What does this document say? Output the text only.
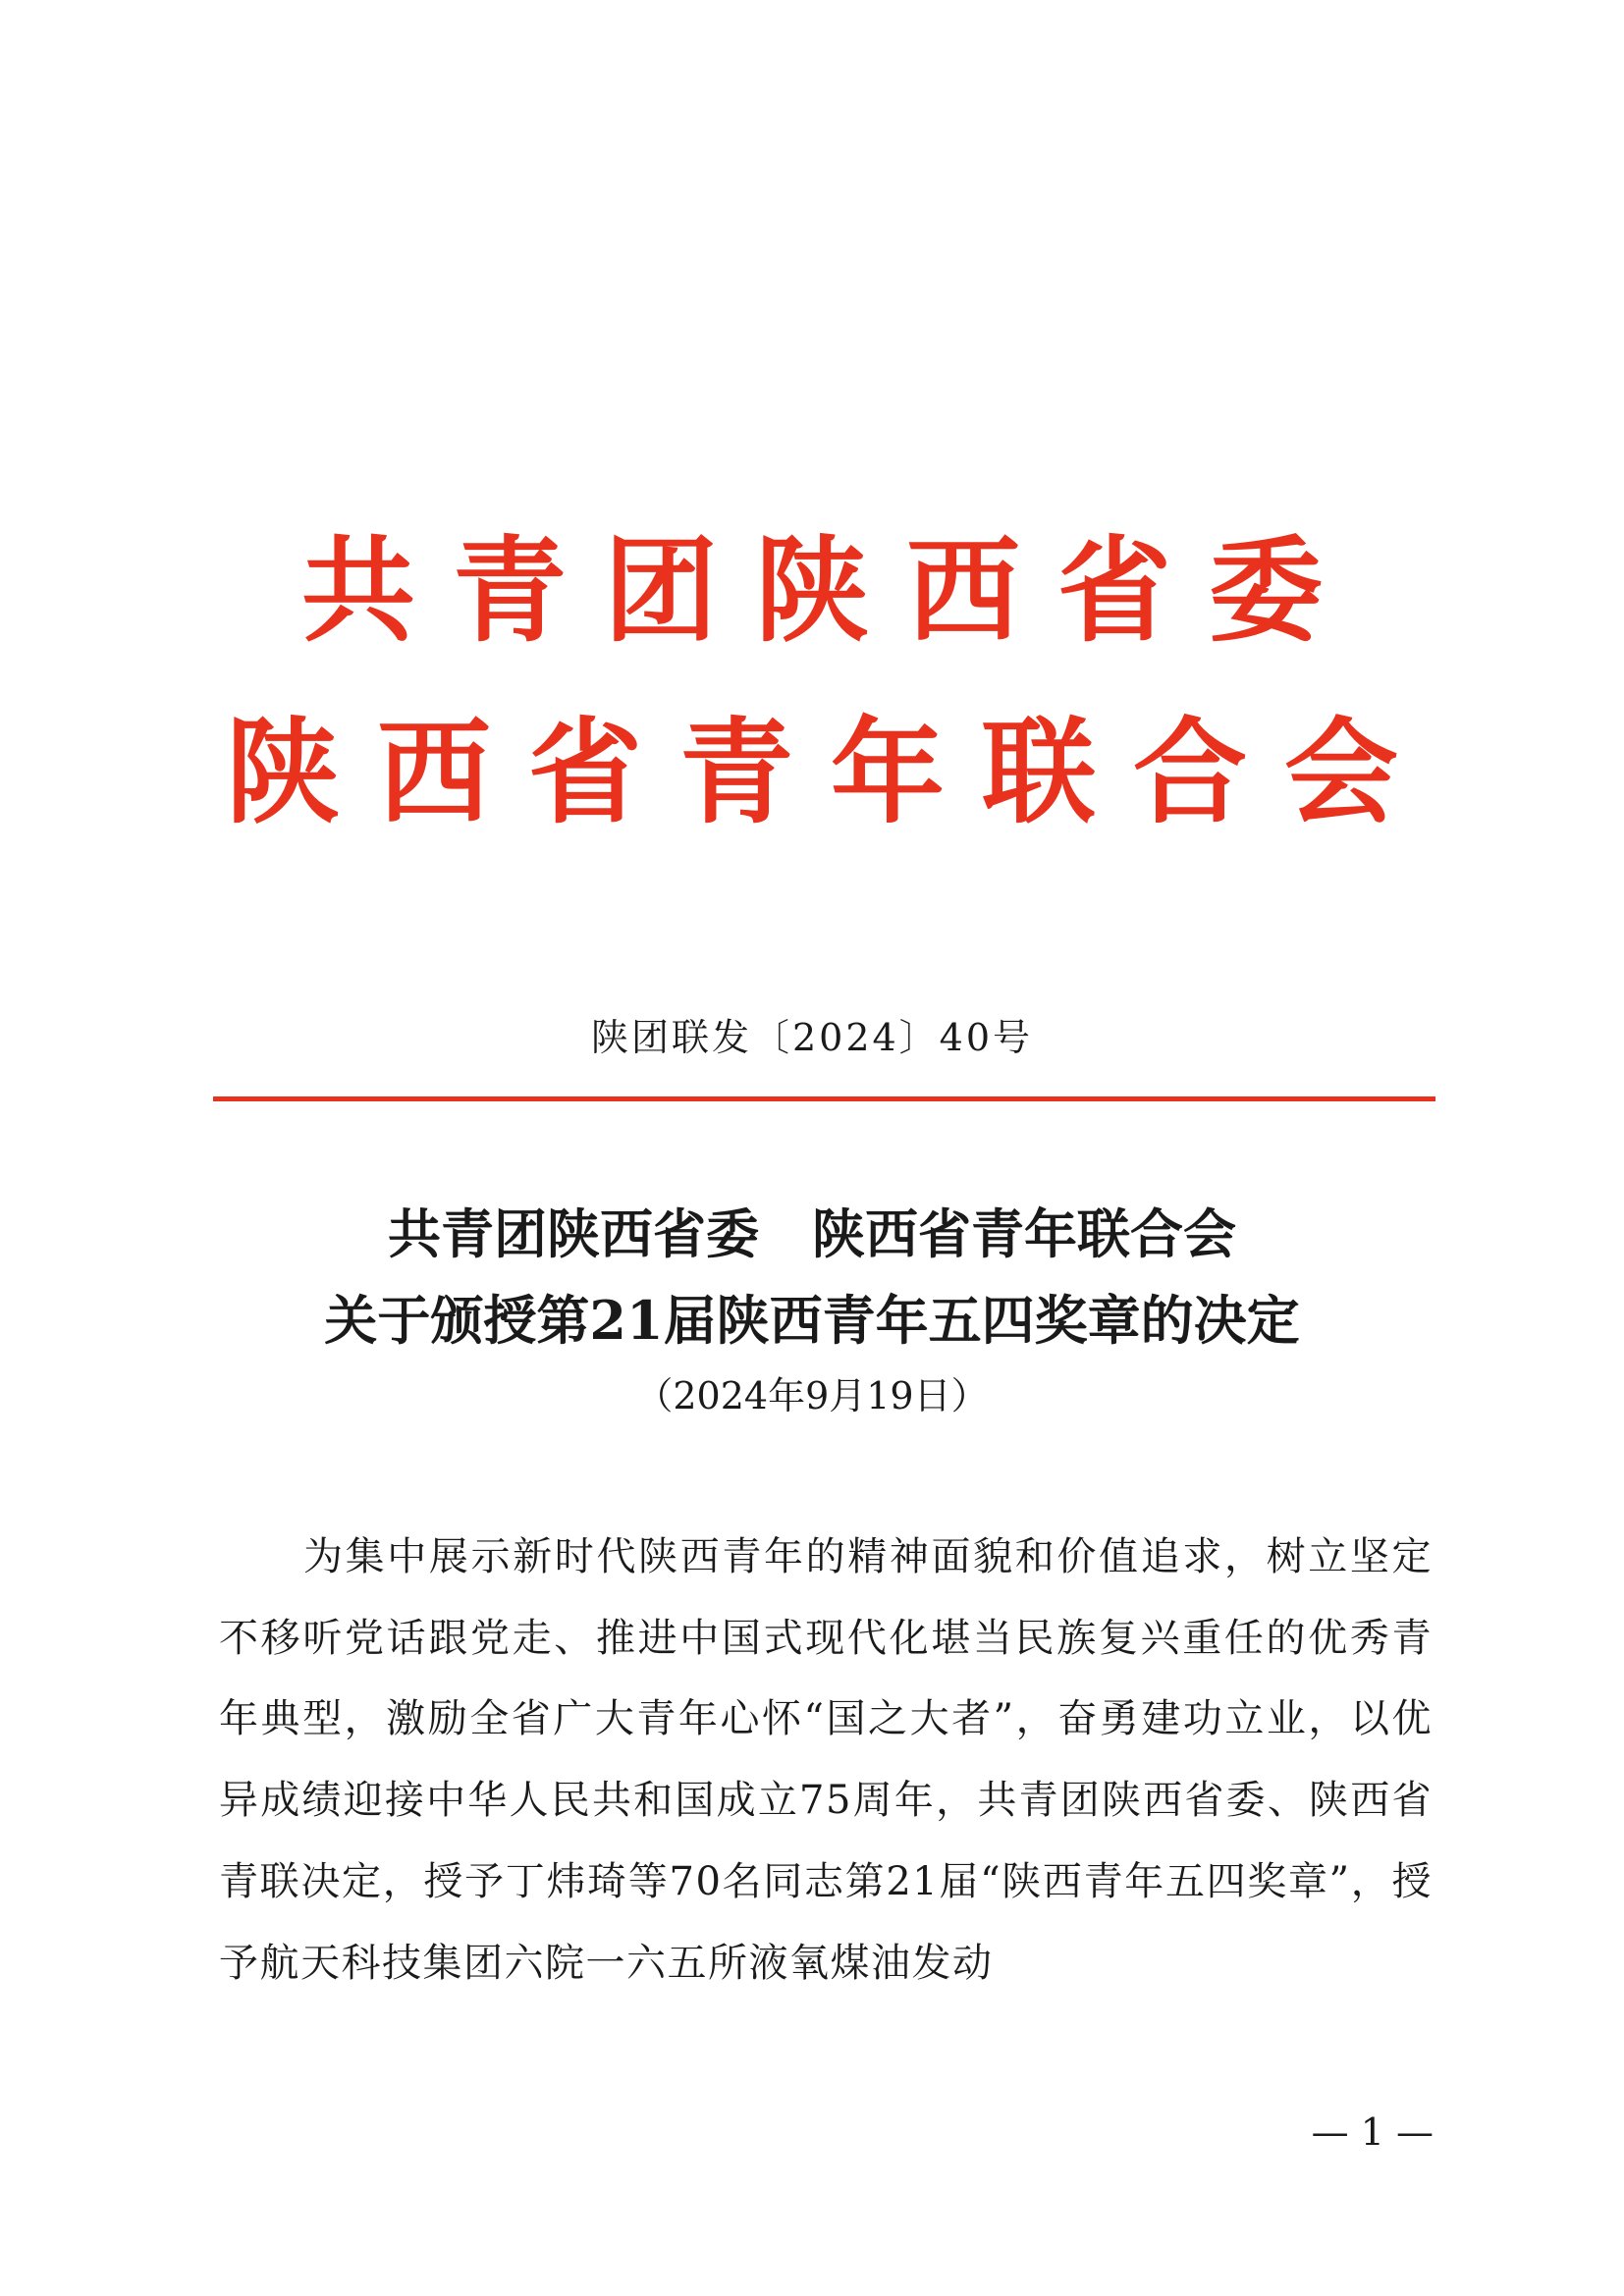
共青团陕西省委
陕西省青年联合会
陕团联发〔2024〕40号
共青团陕西省委　陕西省青年联合会
关于颁授第21届陕西青年五四奖章的决定
（2024年9月19日）

为集中展示新时代陕西青年的精神面貌和价值追求，树立坚定不移听党话跟党走、推进中国式现代化堪当民族复兴重任的优秀青年典型，激励全省广大青年心怀“国之大者”，奋勇建功立业，以优异成绩迎接中华人民共和国成立75周年，共青团陕西省委、陕西省青联决定，授予丁炜琦等70名同志第21届“陕西青年五四奖章”，授予航天科技集团六院一六五所液氧煤油发动

— 1 —
